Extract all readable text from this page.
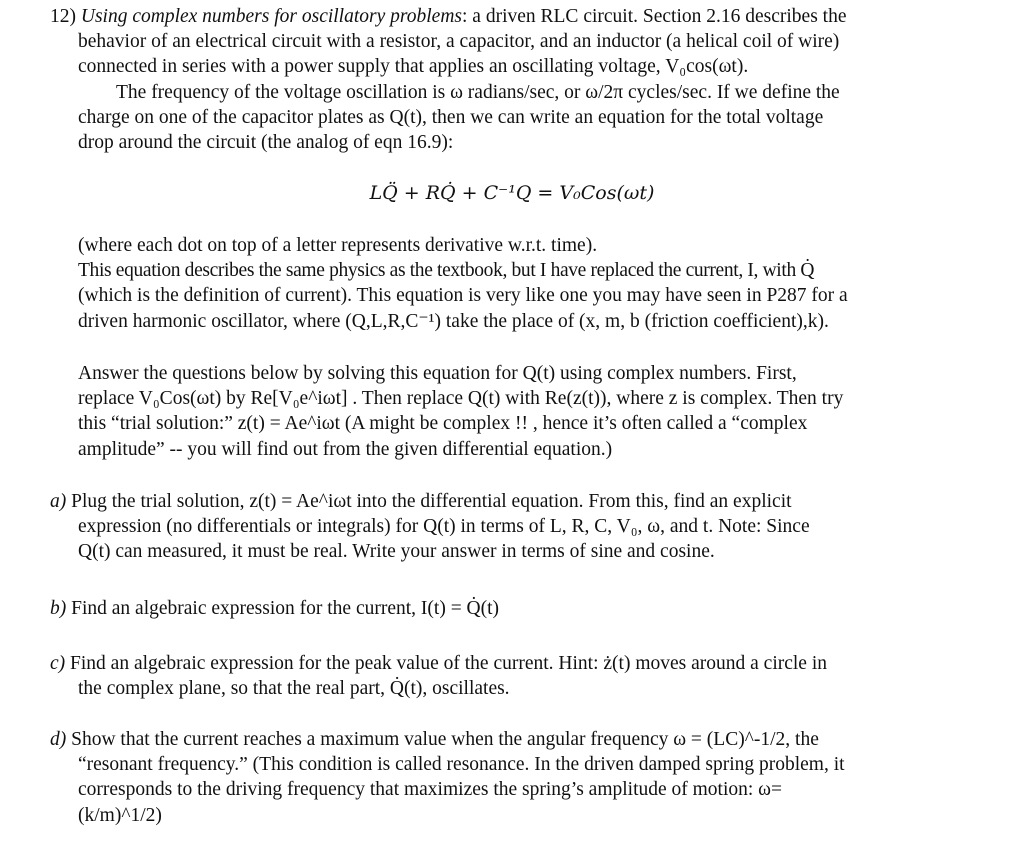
12) Using complex numbers for oscillatory problems: a driven RLC circuit. Section 2.16 describes the
behavior of an electrical circuit with a resistor, a capacitor, and an inductor (a helical coil of wire)
connected in series with a power supply that applies an oscillating voltage, V₀cos(ωt).
The frequency of the voltage oscillation is ω radians/sec, or ω/2π cycles/sec. If we define the
charge on one of the capacitor plates as Q(t), then we can write an equation for the total voltage
drop around the circuit (the analog of eqn 16.9):

LQ̈ + RQ̇ + C⁻¹Q = V₀Cos(ωt)

(where each dot on top of a letter represents derivative w.r.t. time).
This equation describes the same physics as the textbook, but I have replaced the current, I, with Q̇
(which is the definition of current). This equation is very like one you may have seen in P287 for a
driven harmonic oscillator, where (Q,L,R,C⁻¹) take the place of (x, m, b (friction coefficient),k).

Answer the questions below by solving this equation for Q(t) using complex numbers. First,
replace V₀Cos(ωt) by Re[V₀e^iωt] . Then replace Q(t) with Re(z(t)), where z is complex. Then try
this “trial solution:” z(t) = Ae^iωt (A might be complex !! , hence it’s often called a “complex
amplitude” -- you will find out from the given differential equation.)

a) Plug the trial solution, z(t) = Ae^iωt into the differential equation. From this, find an explicit
expression (no differentials or integrals) for Q(t) in terms of L, R, C, V₀, ω, and t. Note: Since
Q(t) can measured, it must be real. Write your answer in terms of sine and cosine.

b) Find an algebraic expression for the current, I(t) = Q̇(t)

c) Find an algebraic expression for the peak value of the current. Hint: ż(t) moves around a circle in
the complex plane, so that the real part, Q̇(t), oscillates.

d) Show that the current reaches a maximum value when the angular frequency ω = (LC)^-1/2, the
“resonant frequency.” (This condition is called resonance. In the driven damped spring problem, it
corresponds to the driving frequency that maximizes the spring’s amplitude of motion: ω=
(k/m)^1/2)
